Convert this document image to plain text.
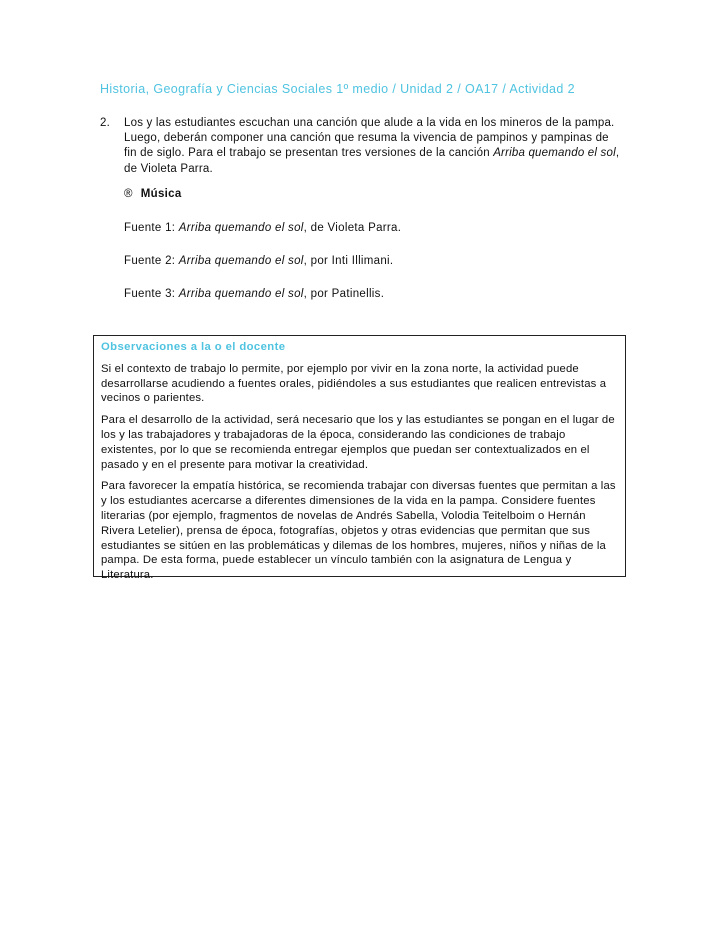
Historia, Geografía y Ciencias Sociales 1º medio / Unidad 2 / OA17 / Actividad 2
2. Los y las estudiantes escuchan una canción que alude a la vida en los mineros de la pampa. Luego, deberán componer una canción que resuma la vivencia de pampinos y pampinas de fin de siglo. Para el trabajo se presentan tres versiones de la canción Arriba quemando el sol, de Violeta Parra.
® Música
Fuente 1: Arriba quemando el sol, de Violeta Parra.
Fuente 2: Arriba quemando el sol, por Inti Illimani.
Fuente 3: Arriba quemando el sol, por Patinellis.
Observaciones a la o el docente

Si el contexto de trabajo lo permite, por ejemplo por vivir en la zona norte, la actividad puede desarrollarse acudiendo a fuentes orales, pidiéndoles a sus estudiantes que realicen entrevistas a vecinos o parientes.

Para el desarrollo de la actividad, será necesario que los y las estudiantes se pongan en el lugar de los y las trabajadores y trabajadoras de la época, considerando las condiciones de trabajo existentes, por lo que se recomienda entregar ejemplos que puedan ser contextualizados en el pasado y en el presente para motivar la creatividad.

Para favorecer la empatía histórica, se recomienda trabajar con diversas fuentes que permitan a las y los estudiantes acercarse a diferentes dimensiones de la vida en la pampa. Considere fuentes literarias (por ejemplo, fragmentos de novelas de Andrés Sabella, Volodia Teitelboim o Hernán Rivera Letelier), prensa de época, fotografías, objetos y otras evidencias que permitan que sus estudiantes se sitúen en las problemáticas y dilemas de los hombres, mujeres, niños y niñas de la pampa. De esta forma, puede establecer un vínculo también con la asignatura de Lengua y Literatura.
